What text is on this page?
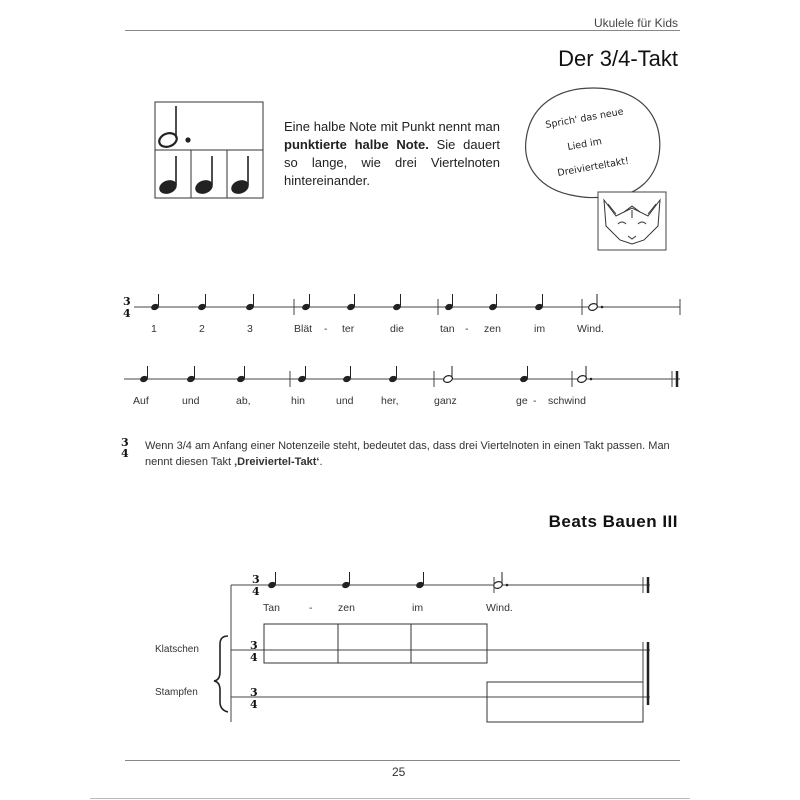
Ukulele für Kids
Der 3/4-Takt
Eine halbe Note mit Punkt nennt man punktierte halbe Note. Sie dauert so lange, wie drei Viertelnoten hintereinander.
Sprich' das neue
Lied im
Dreivierteltakt!
3
4
1	2	3	Blät - ter	die	tan - zen	im	Wind.
Auf	und	ab,	hin	und	her,	ganz	ge - schwind
3
4
Wenn 3/4 am Anfang einer Notenzeile steht, bedeutet das, dass drei Viertelnoten in einen Takt passen. Man nennt diesen Takt ‚Dreiviertel-Takt‘.
Beats Bauen III
3
4
Tan	- zen	im	Wind.
3
4
3
4
Klatschen
Stampfen
25
